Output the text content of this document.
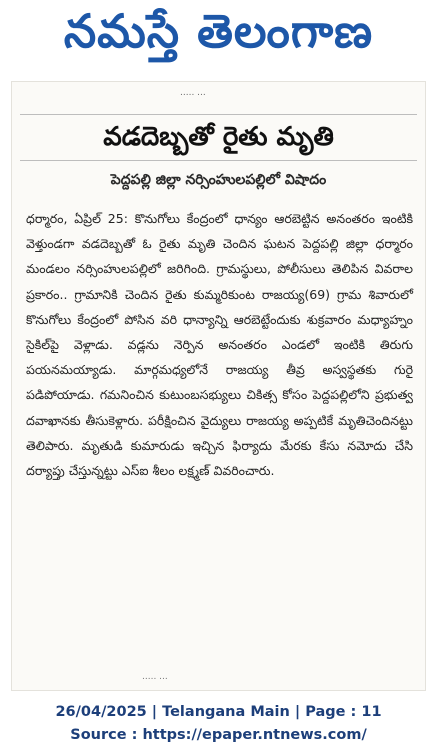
నమస్తే తెలంగాణ
..... ...
వడదెబ్బతో రైతు మృతి
పెద్దపల్లి జిల్లా నర్సింహులపల్లిలో విషాదం

ధర్మారం, ఏప్రిల్ 25: కొనుగోలు కేంద్రంలో ధాన్యం ఆరబెట్టిన అనంతరం ఇంటికి వెళ్తుండగా వడదెబ్బతో ఓ రైతు మృతి చెందిన ఘటన పెద్దపల్లి జిల్లా ధర్మారం మండలం నర్సింహులపల్లిలో జరిగింది. గ్రామస్థులు, పోలీసులు తెలిపిన వివరాల ప్రకారం.. గ్రామానికి చెందిన రైతు కుమ్మరికుంట రాజయ్య(69) గ్రామ శివారులో కొనుగోలు కేంద్రంలో పోసిన వరి ధాన్యాన్ని ఆరబెట్టేందుకు శుక్రవారం మధ్యాహ్నం సైకిల్‌పై వెళ్లాడు. వడ్లను నెర్పిన అనంతరం ఎండలో ఇంటికి తిరుగు పయనమయ్యాడు. మార్గమధ్యలోనే రాజయ్య తీవ్ర అస్వస్థతకు గురై పడిపోయాడు. గమనించిన కుటుంబసభ్యులు చికిత్స కోసం పెద్దపల్లిలోని ప్రభుత్వ దవాఖానకు తీసుకెళ్లారు. పరీక్షించిన వైద్యులు రాజయ్య అప్పటికే మృతిచెందినట్టు తెలిపారు. మృతుడి కుమారుడు ఇచ్చిన ఫిర్యాదు మేరకు కేసు నమోదు చేసి దర్యాప్తు చేస్తున్నట్టు ఎస్ఐ శీలం లక్ష్మణ్ వివరించారు.

..... ...
26/04/2025 | Telangana Main | Page : 11
Source : https://epaper.ntnews.com/
